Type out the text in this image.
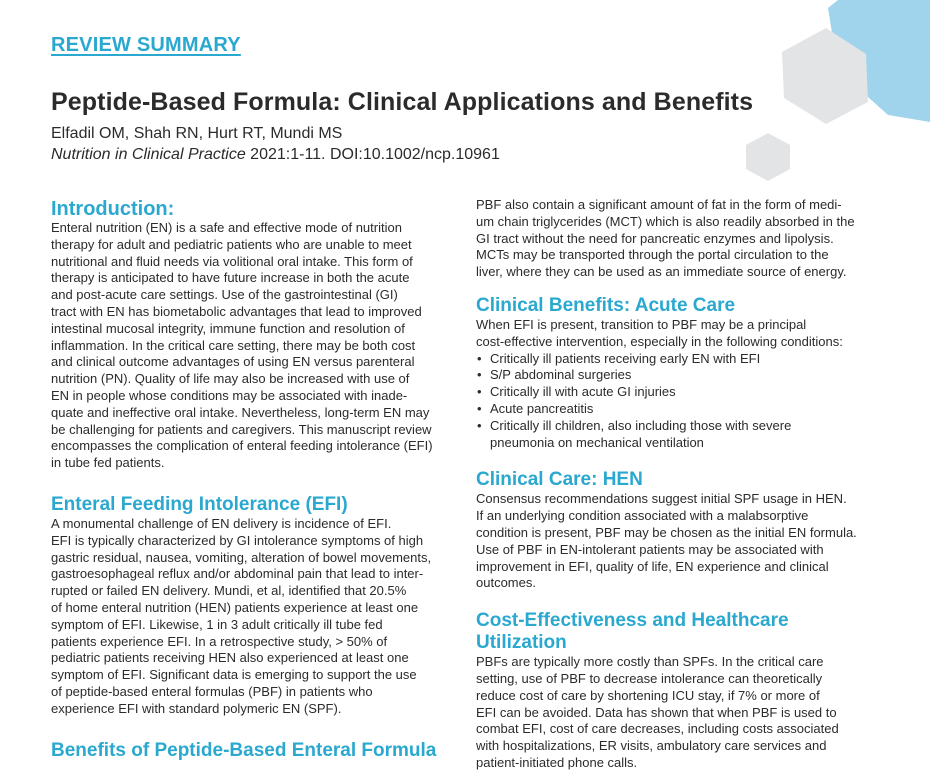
REVIEW SUMMARY
Peptide-Based Formula: Clinical Applications and Benefits
Elfadil OM, Shah RN, Hurt RT, Mundi MS
Nutrition in Clinical Practice 2021:1-11. DOI:10.1002/ncp.10961
Introduction:
Enteral nutrition (EN) is a safe and effective mode of nutrition
therapy for adult and pediatric patients who are unable to meet
nutritional and fluid needs via volitional oral intake. This form of
therapy is anticipated to have future increase in both the acute
and post-acute care settings. Use of the gastrointestinal (GI)
tract with EN has biometabolic advantages that lead to improved
intestinal mucosal integrity, immune function and resolution of
inflammation. In the critical care setting, there may be both cost
and clinical outcome advantages of using EN versus parenteral
nutrition (PN). Quality of life may also be increased with use of
EN in people whose conditions may be associated with inade-
quate and ineffective oral intake. Nevertheless, long-term EN may
be challenging for patients and caregivers. This manuscript review
encompasses the complication of enteral feeding intolerance (EFI)
in tube fed patients.
Enteral Feeding Intolerance (EFI)
A monumental challenge of EN delivery is incidence of EFI.
EFI is typically characterized by GI intolerance symptoms of high
gastric residual, nausea, vomiting, alteration of bowel movements,
gastroesophageal reflux and/or abdominal pain that lead to inter-
rupted or failed EN delivery. Mundi, et al, identified that 20.5%
of home enteral nutrition (HEN) patients experience at least one
symptom of EFI. Likewise, 1 in 3 adult critically ill tube fed
patients experience EFI. In a retrospective study, > 50% of
pediatric patients receiving HEN also experienced at least one
symptom of EFI. Significant data is emerging to support the use
of peptide-based enteral formulas (PBF) in patients who
experience EFI with standard polymeric EN (SPF).
Benefits of Peptide-Based Enteral Formula
PBF also contain a significant amount of fat in the form of medi-
um chain triglycerides (MCT) which is also readily absorbed in the
GI tract without the need for pancreatic enzymes and lipolysis.
MCTs may be transported through the portal circulation to the
liver, where they can be used as an immediate source of energy.
Clinical Benefits: Acute Care
When EFI is present, transition to PBF may be a principal
cost-effective intervention, especially in the following conditions:
• Critically ill patients receiving early EN with EFI
• S/P abdominal surgeries
• Critically ill with acute GI injuries
• Acute pancreatitis
• Critically ill children, also including those with severe
pneumonia on mechanical ventilation
Clinical Care: HEN
Consensus recommendations suggest initial SPF usage in HEN.
If an underlying condition associated with a malabsorptive
condition is present, PBF may be chosen as the initial EN formula.
Use of PBF in EN-intolerant patients may be associated with
improvement in EFI, quality of life, EN experience and clinical
outcomes.
Cost-Effectiveness and Healthcare Utilization
PBFs are typically more costly than SPFs. In the critical care
setting, use of PBF to decrease intolerance can theoretically
reduce cost of care by shortening ICU stay, if 7% or more of
EFI can be avoided. Data has shown that when PBF is used to
combat EFI, cost of care decreases, including costs associated
with hospitalizations, ER visits, ambulatory care services and
patient-initiated phone calls.
